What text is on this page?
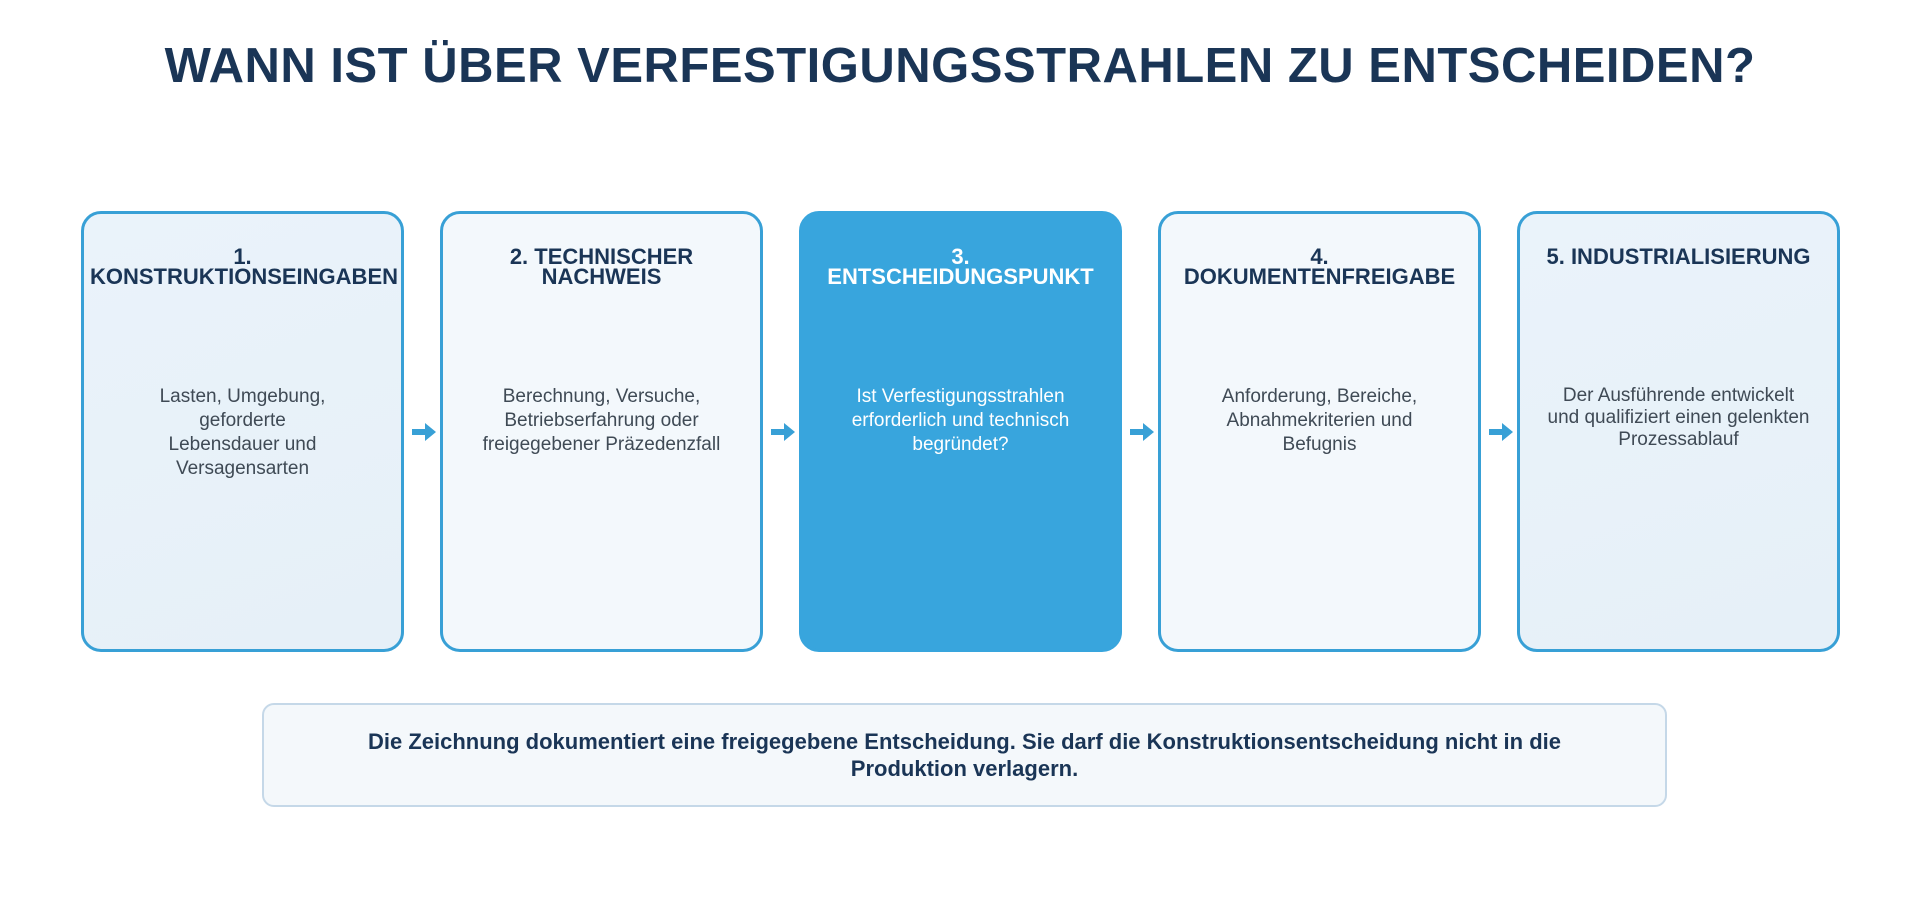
WANN IST ÜBER VERFESTIGUNGSSTRAHLEN ZU ENTSCHEIDEN?
1.
KONSTRUKTIONSEINGABEN
Lasten, Umgebung, geforderte
Lebensdauer und
Versagensarten
2. TECHNISCHER
NACHWEIS
Berechnung, Versuche,
Betriebserfahrung oder
freigegebener Präzedenzfall
3.
ENTSCHEIDUNGSPUNKT
Ist Verfestigungsstrahlen
erforderlich und technisch
begründet?
4.
DOKUMENTENFREIGABE
Anforderung, Bereiche,
Abnahmekriterien und
Befugnis
5. INDUSTRIALISIERUNG
Der Ausführende entwickelt
und qualifiziert einen gelenkten
Prozessablauf
Die Zeichnung dokumentiert eine freigegebene Entscheidung. Sie darf die Konstruktionsentscheidung nicht in die Produktion verlagern.
